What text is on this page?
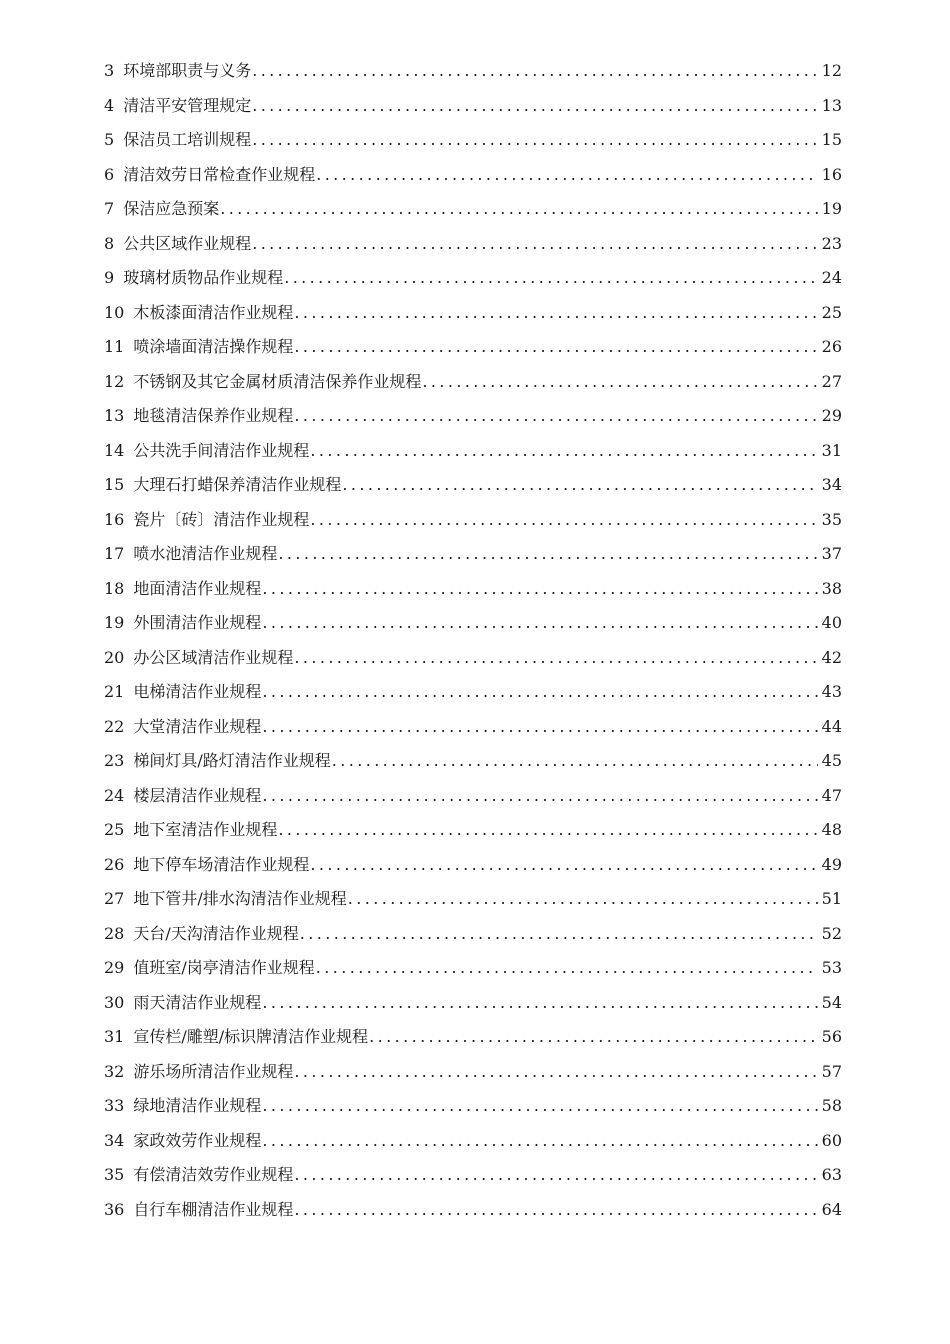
3 环境部职责与义务 .....	12
4 清洁平安管理规定 .....	13
5 保洁员工培训规程 .....	15
6 清洁效劳日常检查作业规程 .....	16
7 保洁应急预案 .....	19
8 公共区域作业规程 .....	23
9 玻璃材质物品作业规程 .....	24
10 木板漆面清洁作业规程 .....	25
11 喷涂墙面清洁操作规程 .....	26
12 不锈钢及其它金属材质清洁保养作业规程 .....	27
13 地毯清洁保养作业规程 .....	29
14 公共洗手间清洁作业规程 .....	31
15 大理石打蜡保养清洁作业规程 .....	34
16 瓷片〔砖〕清洁作业规程 .....	35
17 喷水池清洁作业规程 .....	37
18 地面清洁作业规程 .....	38
19 外围清洁作业规程 .....	40
20 办公区域清洁作业规程 .....	42
21 电梯清洁作业规程 .....	43
22 大堂清洁作业规程 .....	44
23 梯间灯具/路灯清洁作业规程 .....	45
24 楼层清洁作业规程 .....	47
25 地下室清洁作业规程 .....	48
26 地下停车场清洁作业规程 .....	49
27 地下管井/排水沟清洁作业规程 .....	51
28 天台/天沟清洁作业规程 .....	52
29 值班室/岗亭清洁作业规程 .....	53
30 雨天清洁作业规程 .....	54
31 宣传栏/雕塑/标识牌清洁作业规程 .....	56
32 游乐场所清洁作业规程 .....	57
33 绿地清洁作业规程 .....	58
34 家政效劳作业规程 .....	60
35 有偿清洁效劳作业规程 .....	63
36 自行车棚清洁作业规程 .....	64
